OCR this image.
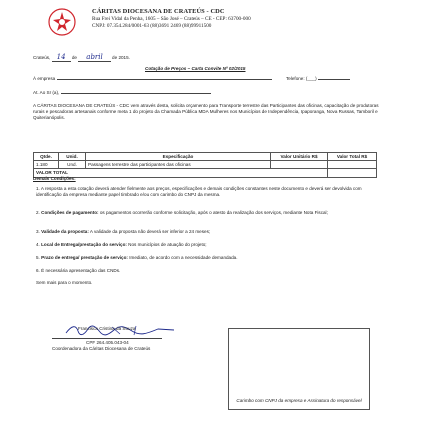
CÁRITAS DIOCESANA DE CRATEÚS - CDC
Rua Frei Vidal da Penha, 1605 – São José – Crateús – CE - CEP: 63700-000
CNPJ: 07.354.284/0001-63 (88)3691 2469 (88)99911500
Crateús, 14 de abril de 2015.
Cotação de Preços – Carta Convite Nº 02/2015
À empresa	Telefone: (___)
At. Ao Sr (a),
A CÁRITAS DIOCESANA DE CRATEÚS - CDC vem através desta, solicita orçamento para Transporte terrestre das Participantes das oficinas, capacitação de produtoras rurais e pescadoras artesanais conforme meta 1 do projeto da Chamada Pública MDA Mulheres nos Municípios de Independência, Ipaporanga, Nova Russas, Tamboril e Quiterianópolis.
Qtde.	Unid.	Especificação	Valor Unitário R$	Valor Total R$
1.180	Und.	Passagens terrestre das participantes das oficinas		
VALOR TOTAL				
Demais Condições:
1. A resposta a esta cotação deverá atender fielmente aos preços, especificações e demais condições constantes neste documento e deverá ser devolvida com identificação da empresa mediante papel timbrado e/ou com carimbo do CNPJ da mesma.
2. Condições de pagamento: os pagamentos ocorrerão conforme solicitação, após o atesto da realização dos serviços, mediante Nota Fiscal;
3. Validade da proposta: A validade da proposta não deverá ser inferior a 24 meses;
4. Local de Entrega/prestação do serviço: Nos municípios de atuação do projeto;
5. Prazo de entrega/ prestação de serviço: Imediato, de acordo com a necessidade demandada.
6. É necessária apresentação das CNDs.
Sem mais para o momento.
Francisca Cristina da Souza
CPF 264.405.043-04
Coordenadora da Cáritas Diocesana de Crateús
Carimbo com CNPJ da empresa e Assinatura do responsável
